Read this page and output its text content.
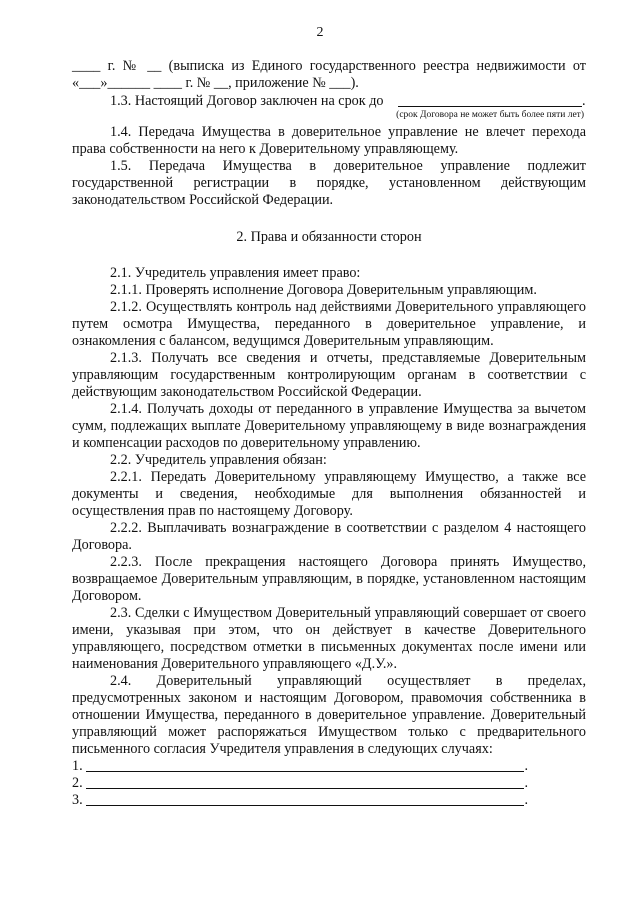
2

____ г. № __ (выписка из Единого государственного реестра недвижимости от «___»______ ____ г. № __, приложение № ___).

1.3. Настоящий Договор заключен на срок до	.

(срок Договора не может быть более пяти лет)

1.4. Передача Имущества в доверительное управление не влечет перехода права собственности на него к Доверительному управляющему.

1.5. Передача Имущества в доверительное управление подлежит государственной регистрации в порядке, установленном действующим законодательством Российской Федерации.

2. Права и обязанности сторон

2.1. Учредитель управления имеет право:

2.1.1. Проверять исполнение Договора Доверительным управляющим.

2.1.2. Осуществлять контроль над действиями Доверительного управляющего путем осмотра Имущества, переданного в доверительное управление, и ознакомления с балансом, ведущимся Доверительным управляющим.

2.1.3. Получать все сведения и отчеты, представляемые Доверительным управляющим государственным контролирующим органам в соответствии с действующим законодательством Российской Федерации.

2.1.4. Получать доходы от переданного в управление Имущества за вычетом сумм, подлежащих выплате Доверительному управляющему в виде вознаграждения и компенсации расходов по доверительному управлению.

2.2. Учредитель управления обязан:

2.2.1. Передать Доверительному управляющему Имущество, а также все документы и сведения, необходимые для выполнения обязанностей и осуществления прав по настоящему Договору.

2.2.2. Выплачивать вознаграждение в соответствии с разделом 4 настоящего Договора.

2.2.3. После прекращения настоящего Договора принять Имущество, возвращаемое Доверительным управляющим, в порядке, установленном настоящим Договором.

2.3. Сделки с Имуществом Доверительный управляющий совершает от своего имени, указывая при этом, что он действует в качестве Доверительного управляющего, посредством отметки в письменных документах после имени или наименования Доверительного управляющего «Д.У.».

2.4. Доверительный управляющий осуществляет в пределах, предусмотренных законом и настоящим Договором, правомочия собственника в отношении Имущества, переданного в доверительное управление. Доверительный управляющий может распоряжаться Имуществом только с предварительного письменного согласия Учредителя управления в следующих случаях:

1.	.
2.	.
3.	.
